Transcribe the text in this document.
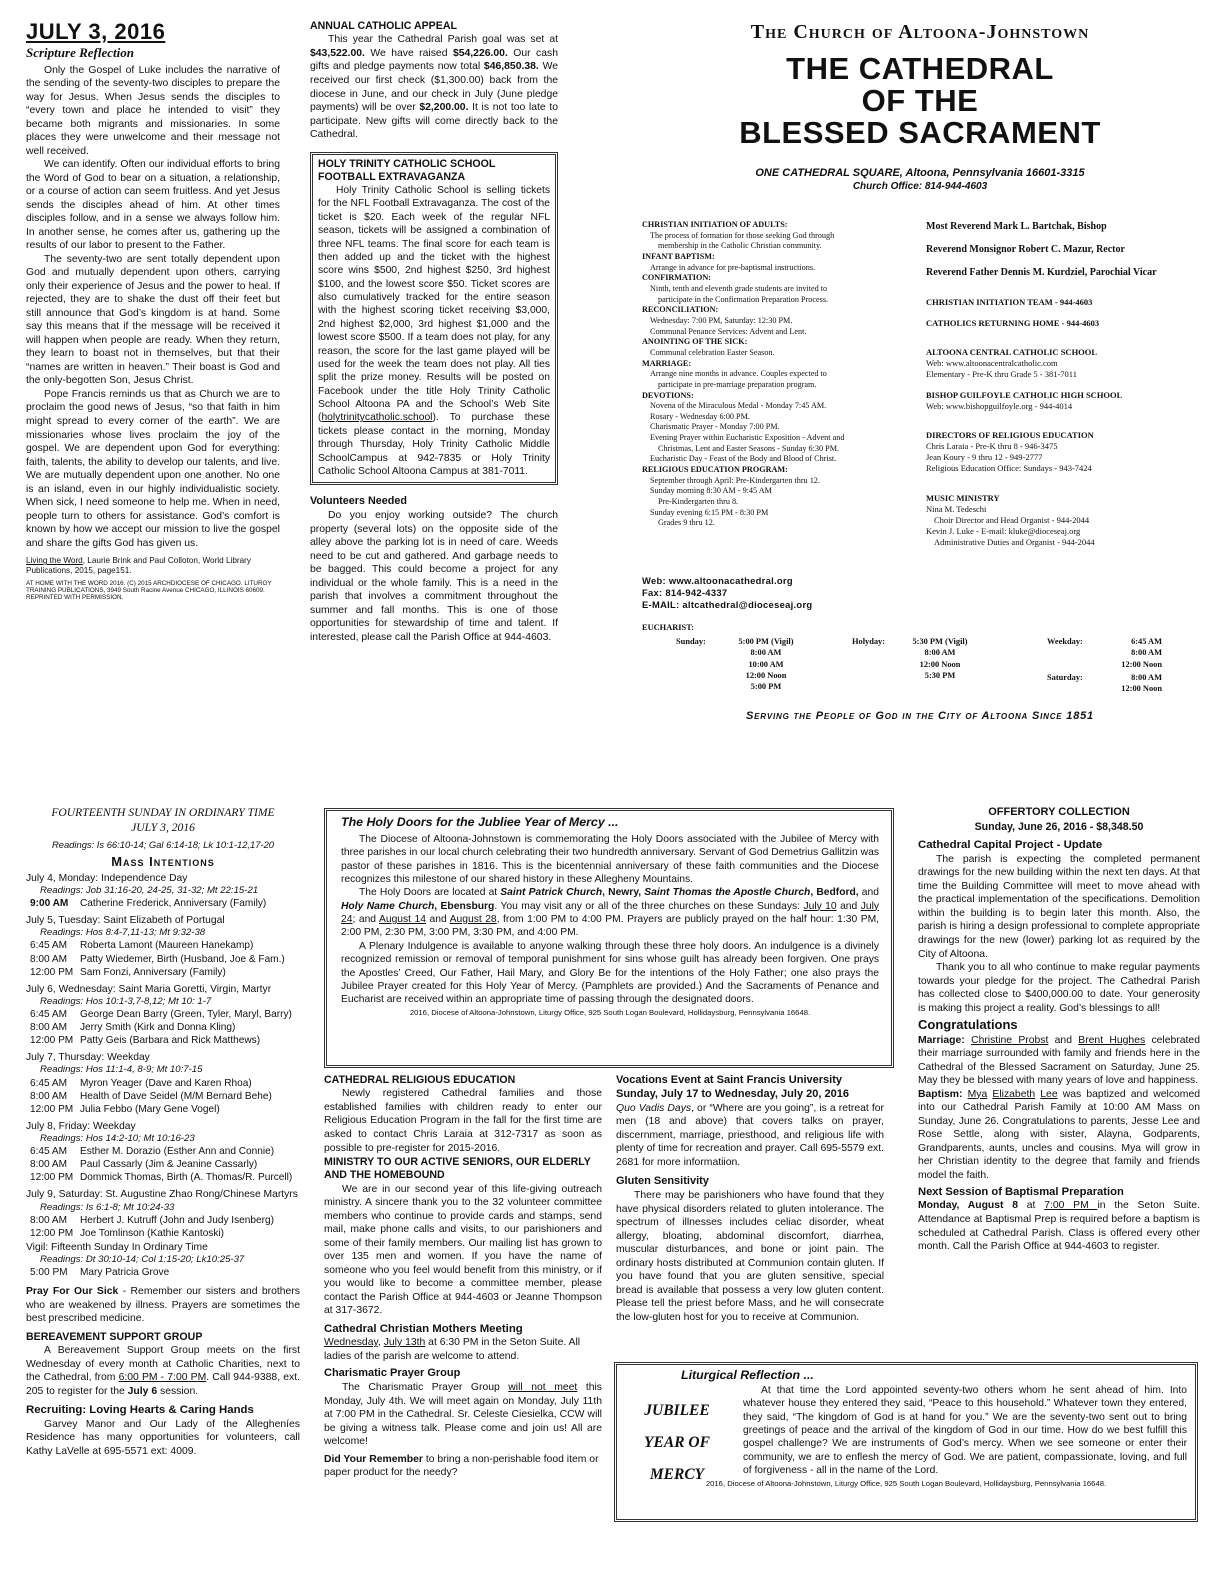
JULY 3, 2016
Scripture Reflection

Only the Gospel of Luke includes the narrative of the sending of the seventy-two disciples to prepare the way for Jesus. When Jesus sends the disciples to “every town and place he intended to visit” they became both migrants and missionaries. In some places they were unwelcome and their message not well received.

We can identify. Often our individual efforts to bring the Word of God to bear on a situation, a relationship, or a course of action can seem fruitless. And yet Jesus sends the disciples ahead of him. At other times disciples follow, and in a sense we always follow him. In another sense, he comes after us, gathering up the results of our labor to present to the Father.

The seventy-two are sent totally dependent upon God and mutually dependent upon others, carrying only their experience of Jesus and the power to heal. If rejected, they are to shake the dust off their feet but still announce that God’s kingdom is at hand. Some say this means that if the message will be received it will happen when people are ready. When they return, they learn to boast not in themselves, but that their “names are written in heaven.” Their boast is God and the only-begotten Son, Jesus Christ.

Pope Francis reminds us that as Church we are to proclaim the good news of Jesus, “so that faith in him might spread to every corner of the earth”. We are missionaries whose lives proclaim the joy of the gospel. We are dependent upon God for everything: faith, talents, the ability to develop our talents, and live. We are mutually dependent upon one another. No one is an island, even in our highly individualistic society. When sick, I need someone to help me. When in need, people turn to others for assistance. God’s comfort is known by how we accept our mission to live the gospel and share the gifts God has given us.

Living the Word, Laurie Brink and Paul Colloton, World Library Publications, 2015, page151.
AT HOME WITH THE WORD 2016. (C) 2015 ARCHDIOCESE OF CHICAGO. LITURGY TRAINING PUBLICATIONS, 3949 South Racine Avenue CHICAGO, ILLINOIS 60609. REPRINTED WITH PERMISSION.
ANNUAL CATHOLIC APPEAL
This year the Cathedral Parish goal was set at $43,522.00. We have raised $54,226.00. Our cash gifts and pledge payments now total $46,850.38. We received our first check ($1,300.00) back from the diocese in June, and our check in July (June pledge payments) will be over $2,200.00. It is not too late to participate. New gifts will come directly back to the Cathedral.
HOLY TRINITY CATHOLIC SCHOOL FOOTBALL EXTRAVAGANZA
Holy Trinity Catholic School is selling tickets for the NFL Football Extravaganza. The cost of the ticket is $20. Each week of the regular NFL season, tickets will be assigned a combination of three NFL teams. The final score for each team is then added up and the ticket with the highest score wins $500, 2nd highest $250, 3rd highest $100, and the lowest score $50. Ticket scores are also cumulatively tracked for the entire season with the highest scoring ticket receiving $3,000, 2nd highest $2,000, 3rd highest $1,000 and the lowest score $500. If a team does not play, for any reason, the score for the last game played will be used for the week the team does not play. All ties split the prize money. Results will be posted on Facebook under the title Holy Trinity Catholic School Altoona PA and the School’s Web Site (holytrinitycatholic.school). To purchase these tickets please contact in the morning, Monday through Thursday, Holy Trinity Catholic Middle SchoolCampus at 942-7835 or Holy Trinity Catholic School Altoona Campus at 381-7011.
Volunteers Needed
Do you enjoy working outside? The church property (several lots) on the opposite side of the alley above the parking lot is in need of care. Weeds need to be cut and gathered. And garbage needs to be bagged. This could become a project for any individual or the whole family. This is a need in the parish that involves a commitment throughout the summer and fall months. This is one of those opportunities for stewardship of time and talent. If interested, please call the Parish Office at 944-4603.
The Church of Altoona-Johnstown
THE CATHEDRAL
OF THE
BLESSED SACRAMENT
ONE CATHEDRAL SQUARE, Altoona, Pennsylvania 16601-3315
Church Office: 814-944-4603
CHRISTIAN INITIATION OF ADULTS:
The process of formation for those seeking God through
membership in the Catholic Christian community.
INFANT BAPTISM:
Arrange in advance for pre-baptismal instructions.
CONFIRMATION:
Ninth, tenth and eleventh grade students are invited to
participate in the Confirmation Preparation Process.
RECONCILIATION:
Wednesday: 7:00 PM, Saturday: 12:30 PM.
Communal Penance Services: Advent and Lent.
ANOINTING OF THE SICK:
Communal celebration Easter Season.
MARRIAGE:
Arrange nine months in advance. Couples expected to
participate in pre-marriage preparation program.
DEVOTIONS:
Novena of the Miraculous Medal - Monday 7:45 AM.
Rosary - Wednesday 6:00 PM.
Charismatic Prayer - Monday 7:00 PM.
Evening Prayer within Eucharistic Exposition - Advent and
Christmas, Lent and Easter Seasons - Sunday 6:30 PM.
Eucharistic Day - Feast of the Body and Blood of Christ.
RELIGIOUS EDUCATION PROGRAM:
September through April: Pre-Kindergarten thru 12.
Sunday morning 8:30 AM - 9:45 AM
Pre-Kindergarten thru 8.
Sunday evening 6:15 PM - 8:30 PM
Grades 9 thru 12.
Web: www.altoonacathedral.org
Fax: 814-942-4337
E-MAIL: altcathedral@dioceseaj.org
Most Reverend Mark L. Bartchak, Bishop
Reverend Monsignor Robert C. Mazur, Rector
Reverend Father Dennis M. Kurdziel, Parochial Vicar
CHRISTIAN INITIATION TEAM - 944-4603
CATHOLICS RETURNING HOME - 944-4603
ALTOONA CENTRAL CATHOLIC SCHOOL
Web: www.altoonacentralcatholic.com
Elementary - Pre-K thru Grade 5 - 381-7011
BISHOP GUILFOYLE CATHOLIC HIGH SCHOOL
Web: www.bishopguilfoyle.org - 944-4014
DIRECTORS OF RELIGIOUS EDUCATION
Chris Laraia - Pre-K thru 8 - 946-3475
Jean Koury - 9 thru 12 - 949-2777
Religious Education Office: Sundays - 943-7424
MUSIC MINISTRY
Nina M. Tedeschi
Choir Director and Head Organist - 944-2044
Kevin J. Luke - E-mail: kluke@dioceseaj.org
Administrative Duties and Organist - 944-2044
EUCHARIST:
Sunday:	5:00 PM (Vigil)
8:00 AM
10:00 AM
12:00 Noon
5:00 PM
Holyday:	5:30 PM (Vigil)
8:00 AM
12:00 Noon
5:30 PM
Weekday:	6:45 AM
8:00 AM
12:00 Noon
Saturday:	8:00 AM
12:00 Noon
Serving the People of God in the City of Altoona Since 1851
FOURTEENTH SUNDAY IN ORDINARY TIME
JULY 3, 2016
Readings: Is 66:10-14; Gal 6:14-18; Lk 10:1-12,17-20
Mass Intentions
July 4, Monday: Independence Day
Readings: Job 31:16-20, 24-25, 31-32; Mt 22:15-21
9:00 AM	Catherine Frederick, Anniversary (Family)
July 5, Tuesday: Saint Elizabeth of Portugal
Readings: Hos 8:4-7,11-13; Mt 9:32-38
6:45 AM	Roberta Lamont (Maureen Hanekamp)
8:00 AM	Patty Wiedemer, Birth (Husband, Joe & Fam.)
12:00 PM Sam Fonzi, Anniversary (Family)
July 6, Wednesday: Saint Maria Goretti, Virgin, Martyr
Readings: Hos 10:1-3,7-8,12; Mt 10: 1-7
6:45 AM	George Dean Barry (Green, Tyler, Maryl, Barry)
8:00 AM	Jerry Smith (Kirk and Donna Kling)
12:00 PM Patty Geis (Barbara and Rick Matthews)
July 7, Thursday: Weekday
Readings: Hos 11:1-4, 8-9; Mt 10:7-15
6:45 AM	Myron Yeager (Dave and Karen Rhoa)
8:00 AM	Health of Dave Seidel (M/M Bernard Behe)
12:00 PM Julia Febbo (Mary Gene Vogel)
July 8, Friday: Weekday
Readings: Hos 14:2-10; Mt 10:16-23
6:45 AM	Esther M. Dorazio (Esther Ann and Connie)
8:00 AM	Paul Cassarly (Jim & Jeanine Cassarly)
12:00 PM Dommick Thomas, Birth (A. Thomas/R. Purcell)
July 9, Saturday: St. Augustine Zhao Rong/Chinese Martyrs
Readings: Is 6:1-8; Mt 10:24-33
8:00 AM	Herbert J. Kutruff (John and Judy Isenberg)
12:00 PM Joe Tomlinson (Kathie Kantoski)
Vigil: Fifteenth Sunday In Ordinary Time
Readings: Dt 30:10-14; Col 1:15-20; Lk10:25-37
5:00 PM	Mary Patricia Grove
Pray For Our Sick - Remember our sisters and brothers who are weakened by illness. Prayers are sometimes the best prescribed medicine.
BEREAVEMENT SUPPORT GROUP
A Bereavement Support Group meets on the first Wednesday of every month at Catholic Charities, next to the Cathedral, from 6:00 PM - 7:00 PM. Call 944-9388, ext. 205 to register for the July 6 session.
Recruiting: Loving Hearts & Caring Hands
Garvey Manor and Our Lady of the Allegheníes Residence has many opportunities for volunteers, call Kathy LaVelle at 695-5571 ext: 4009.
The Holy Doors for the Jubliee Year of Mercy ...

The Diocese of Altoona-Johnstown is commemorating the Holy Doors associated with the Jubilee of Mercy with three parishes in our local church celebrating their two hundredth anniversary. Servant of God Demetrius Gallitzin was pastor of these parishes in 1816. This is the bicentennial anniversary of these faith communities and the Diocese recognizes this milestone of our shared history in these Allegheny Mountains.

The Holy Doors are located at Saint Patrick Church, Newry, Saint Thomas the Apostle Church, Bedford, and Holy Name Church, Ebensburg. You may visit any or all of the three churches on these Sundays: July 10 and July 24; and August 14 and August 28, from 1:00 PM to 4:00 PM. Prayers are publicly prayed on the half hour: 1:30 PM, 2:00 PM, 2:30 PM, 3:00 PM, 3:30 PM, and 4:00 PM.

A Plenary Indulgence is available to anyone walking through these three holy doors. An indulgence is a divinely recognized remission or removal of temporal punishment for sins whose guilt has already been forgiven. One prays the Apostles’ Creed, Our Father, Hail Mary, and Glory Be for the intentions of the Holy Father; one also prays the Jubilee Prayer created for this Holy Year of Mercy. (Pamphlets are provided.) And the Sacraments of Penance and Eucharist are received within an appropriate time of passing through the designated doors.

2016, Diocese of Altoona-Johnstown, Liturgy Office, 925 South Logan Boulevard, Hollidaysburg, Pennsylvania 16648.
CATHEDRAL RELIGIOUS EDUCATION
Newly registered Cathedral families and those established families with children ready to enter our Religious Education Program in the fall for the first time are asked to contact Chris Laraia at 312-7317 as soon as possible to pre-register for 2015-2016.
MINISTRY TO OUR ACTIVE SENIORS, OUR ELDERLY AND THE HOMEBOUND
We are in our second year of this life-giving outreach ministry. A sincere thank you to the 32 volunteer committee members who continue to provide cards and stamps, send mail, make phone calls and visits, to our parishioners and some of their family members. Our mailing list has grown to over 135 men and women. If you have the name of someone who you feel would benefit from this ministry, or if you would like to become a committee member, please contact the Parish Office at 944-4603 or Jeanne Thompson at 317-3672.
Cathedral Christian Mothers Meeting
Wednesday, July 13th at 6:30 PM in the Seton Suite. All ladies of the parish are welcome to attend.
Charismatic Prayer Group
The Charismatic Prayer Group will not meet this Monday, July 4th. We will meet again on Monday, July 11th at 7:00 PM in the Cathedral. Sr. Celeste Ciesielka, CCW will be giving a witness talk. Please come and join us! All are welcome!
Did Your Remember to bring a non-perishable food item or paper product for the needy?
Vocations Event at Saint Francis University Sunday, July 17 to Wednesday, July 20, 2016
Quo Vadis Days, or “Where are you going”, is a retreat for men (18 and above) that covers talks on prayer, discernment, marriage, priesthood, and religious life with plenty of time for recreation and prayer. Call 695-5579 ext. 2681 for more informatiion.
Gluten Sensitivity
There may be parishioners who have found that they have physical disorders related to gluten intolerance. The spectrum of illnesses includes celiac disorder, wheat allergy, bloating, abdominal discomfort, diarrhea, muscular disturbances, and bone or joint pain. The ordinary hosts distributed at Communion contain gluten. If you have found that you are gluten sensitive, special bread is available that possess a very low gluten content. Please tell the priest before Mass, and he will consecrate the low-gluten host for you to receive at Communion.
OFFERTORY COLLECTION
Sunday, June 26, 2016 - $8,348.50
Cathedral Capital Project - Update

The parish is expecting the completed permanent drawings for the new building within the next ten days. At that time the Building Committee will meet to move ahead with the practical implementation of the specifications. Demolition within the building is to begin later this month. Also, the parish is hiring a design professional to complete appropriate drawings for the new (lower) parking lot as required by the City of Altoona.

Thank you to all who continue to make regular payments towards your pledge for the project. The Cathedral Parish has collected close to $400,000.00 to date. Your generosity is making this project a reality. God’s blessings to all!

Congratulations
Marriage: Christine Probst and Brent Hughes celebrated their marriage surrounded with family and friends here in the Cathedral of the Blessed Sacrament on Saturday, June 25. May they be blessed with many years of love and happiness.
Baptism: Mya Elizabeth Lee was baptized and welcomed into our Cathedral Parish Family at 10:00 AM Mass on Sunday, June 26. Congratulations to parents, Jesse Lee and Rose Settle, along with sister, Alayna, Godparents, Grandparents, aunts, uncles and cousins. Mya will grow in her Christian identity to the degree that family and friends model the faith.
Next Session of Baptismal Preparation
Monday, August 8 at 7:00 PM in the Seton Suite. Attendance at Baptismal Prep is required before a baptism is scheduled at Cathedral Parish. Class is offered every other month. Call the Parish Office at 944-4603 to register.
Liturgical Reflection ...
JUBILEE
YEAR OF
MERCY
At that time the Lord appointed seventy-two others whom he sent ahead of him. Into whatever house they entered they said, “Peace to this household.” Whatever town they entered, they said, “The kingdom of God is at hand for you.” We are the seventy-two sent out to bring greetings of peace and the arrival of the kingdom of God in our time. How do we best fulfill this gospel challenge? We are instruments of God’s mercy. When we see someone or enter their community, we are to enflesh the mercy of God. We are patient, compassionate, loving, and full of forgiveness - all in the name of the Lord.
2016, Diocese of Altoona-Johnstown, Liturgy Office, 925 South Logan Boulevard, Hollidaysburg, Pennsylvania 16648.
